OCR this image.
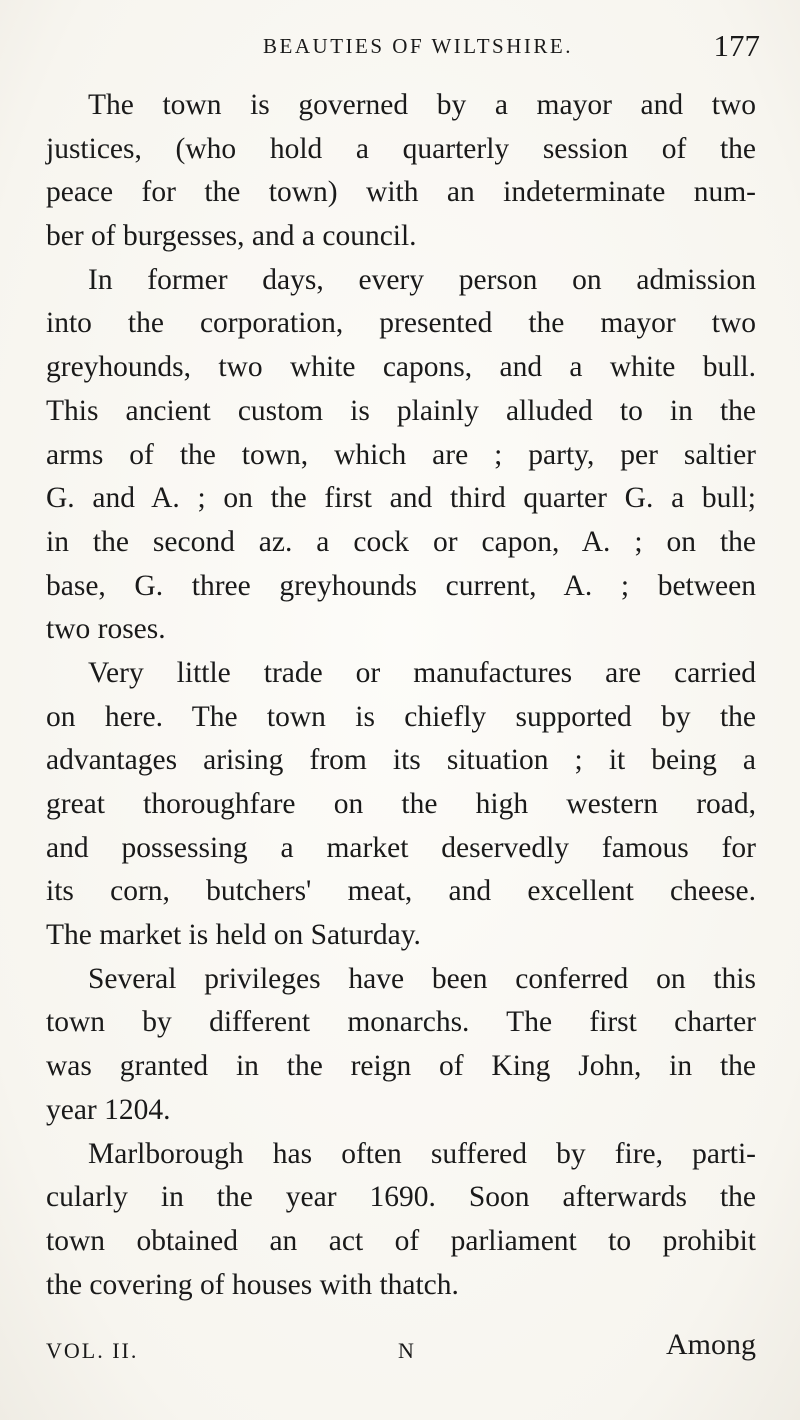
BEAUTIES OF WILTSHIRE.	177
The town is governed by a mayor and two
justices, (who hold a quarterly session of the
peace for the town) with an indeterminate num-
ber of burgesses, and a council.
In former days, every person on admission
into the corporation, presented the mayor two
greyhounds, two white capons, and a white bull.
This ancient custom is plainly alluded to in the
arms of the town, which are ; party, per saltier
G. and A. ; on the first and third quarter G. a bull;
in the second az. a cock or capon, A. ; on the
base, G. three greyhounds current, A. ; between
two roses.
Very little trade or manufactures are carried
on here. The town is chiefly supported by the
advantages arising from its situation ; it being a
great thoroughfare on the high western road,
and possessing a market deservedly famous for
its corn, butchers' meat, and excellent cheese.
The market is held on Saturday.
Several privileges have been conferred on this
town by different monarchs. The first charter
was granted in the reign of King John, in the
year 1204.
Marlborough has often suffered by fire, parti-
cularly in the year 1690. Soon afterwards the
town obtained an act of parliament to prohibit
the covering of houses with thatch.
VOL. II.	N	Among
